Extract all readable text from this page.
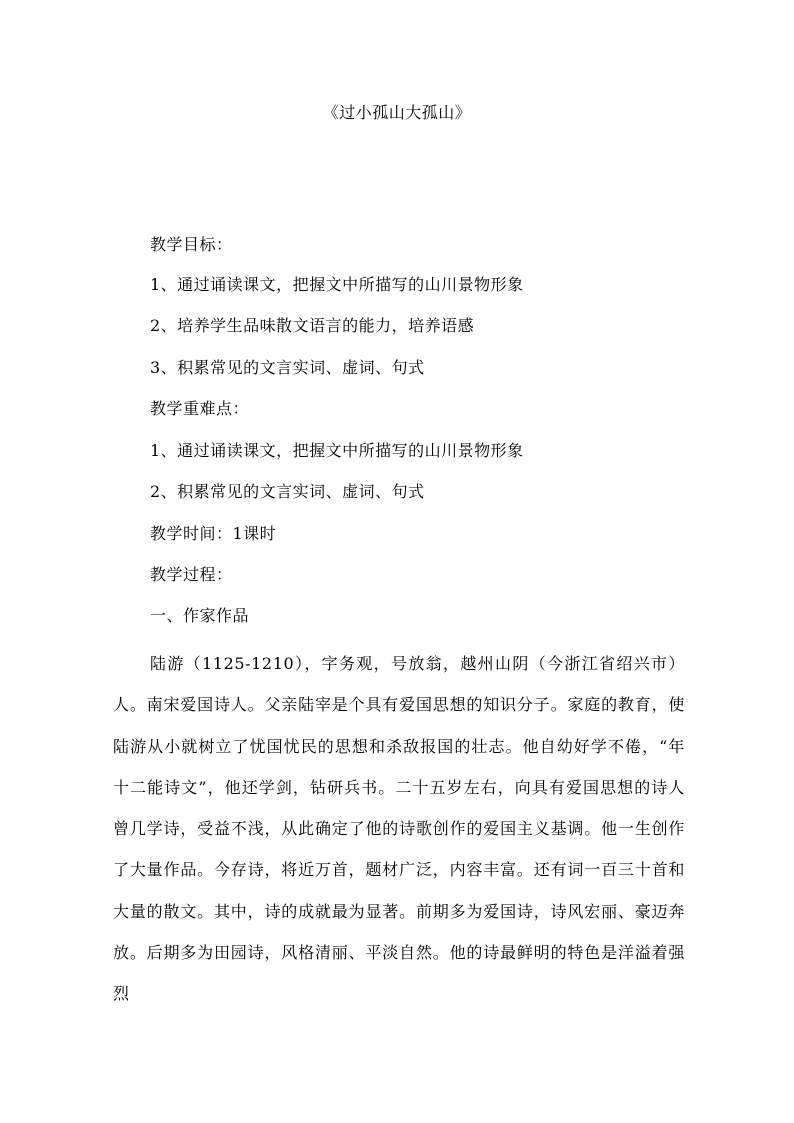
《过小孤山大孤山》
教学目标：
1、通过诵读课文，把握文中所描写的山川景物形象
2、培养学生品味散文语言的能力，培养语感
3、积累常见的文言实词、虚词、句式
教学重难点：
1、通过诵读课文，把握文中所描写的山川景物形象
2、积累常见的文言实词、虚词、句式
教学时间：1课时
教学过程：
一、作家作品
陆游（1125-1210），字务观，号放翁，越州山阴（今浙江省绍兴市）人。南宋爱国诗人。父亲陆宰是个具有爱国思想的知识分子。家庭的教育，使陆游从小就树立了忧国忧民的思想和杀敌报国的壮志。他自幼好学不倦，“年十二能诗文”，他还学剑，钻研兵书。二十五岁左右，向具有爱国思想的诗人曾几学诗，受益不浅，从此确定了他的诗歌创作的爱国主义基调。他一生创作了大量作品。今存诗，将近万首，题材广泛，内容丰富。还有词一百三十首和大量的散文。其中，诗的成就最为显著。前期多为爱国诗，诗风宏丽、豪迈奔放。后期多为田园诗，风格清丽、平淡自然。他的诗最鲜明的特色是洋溢着强烈
